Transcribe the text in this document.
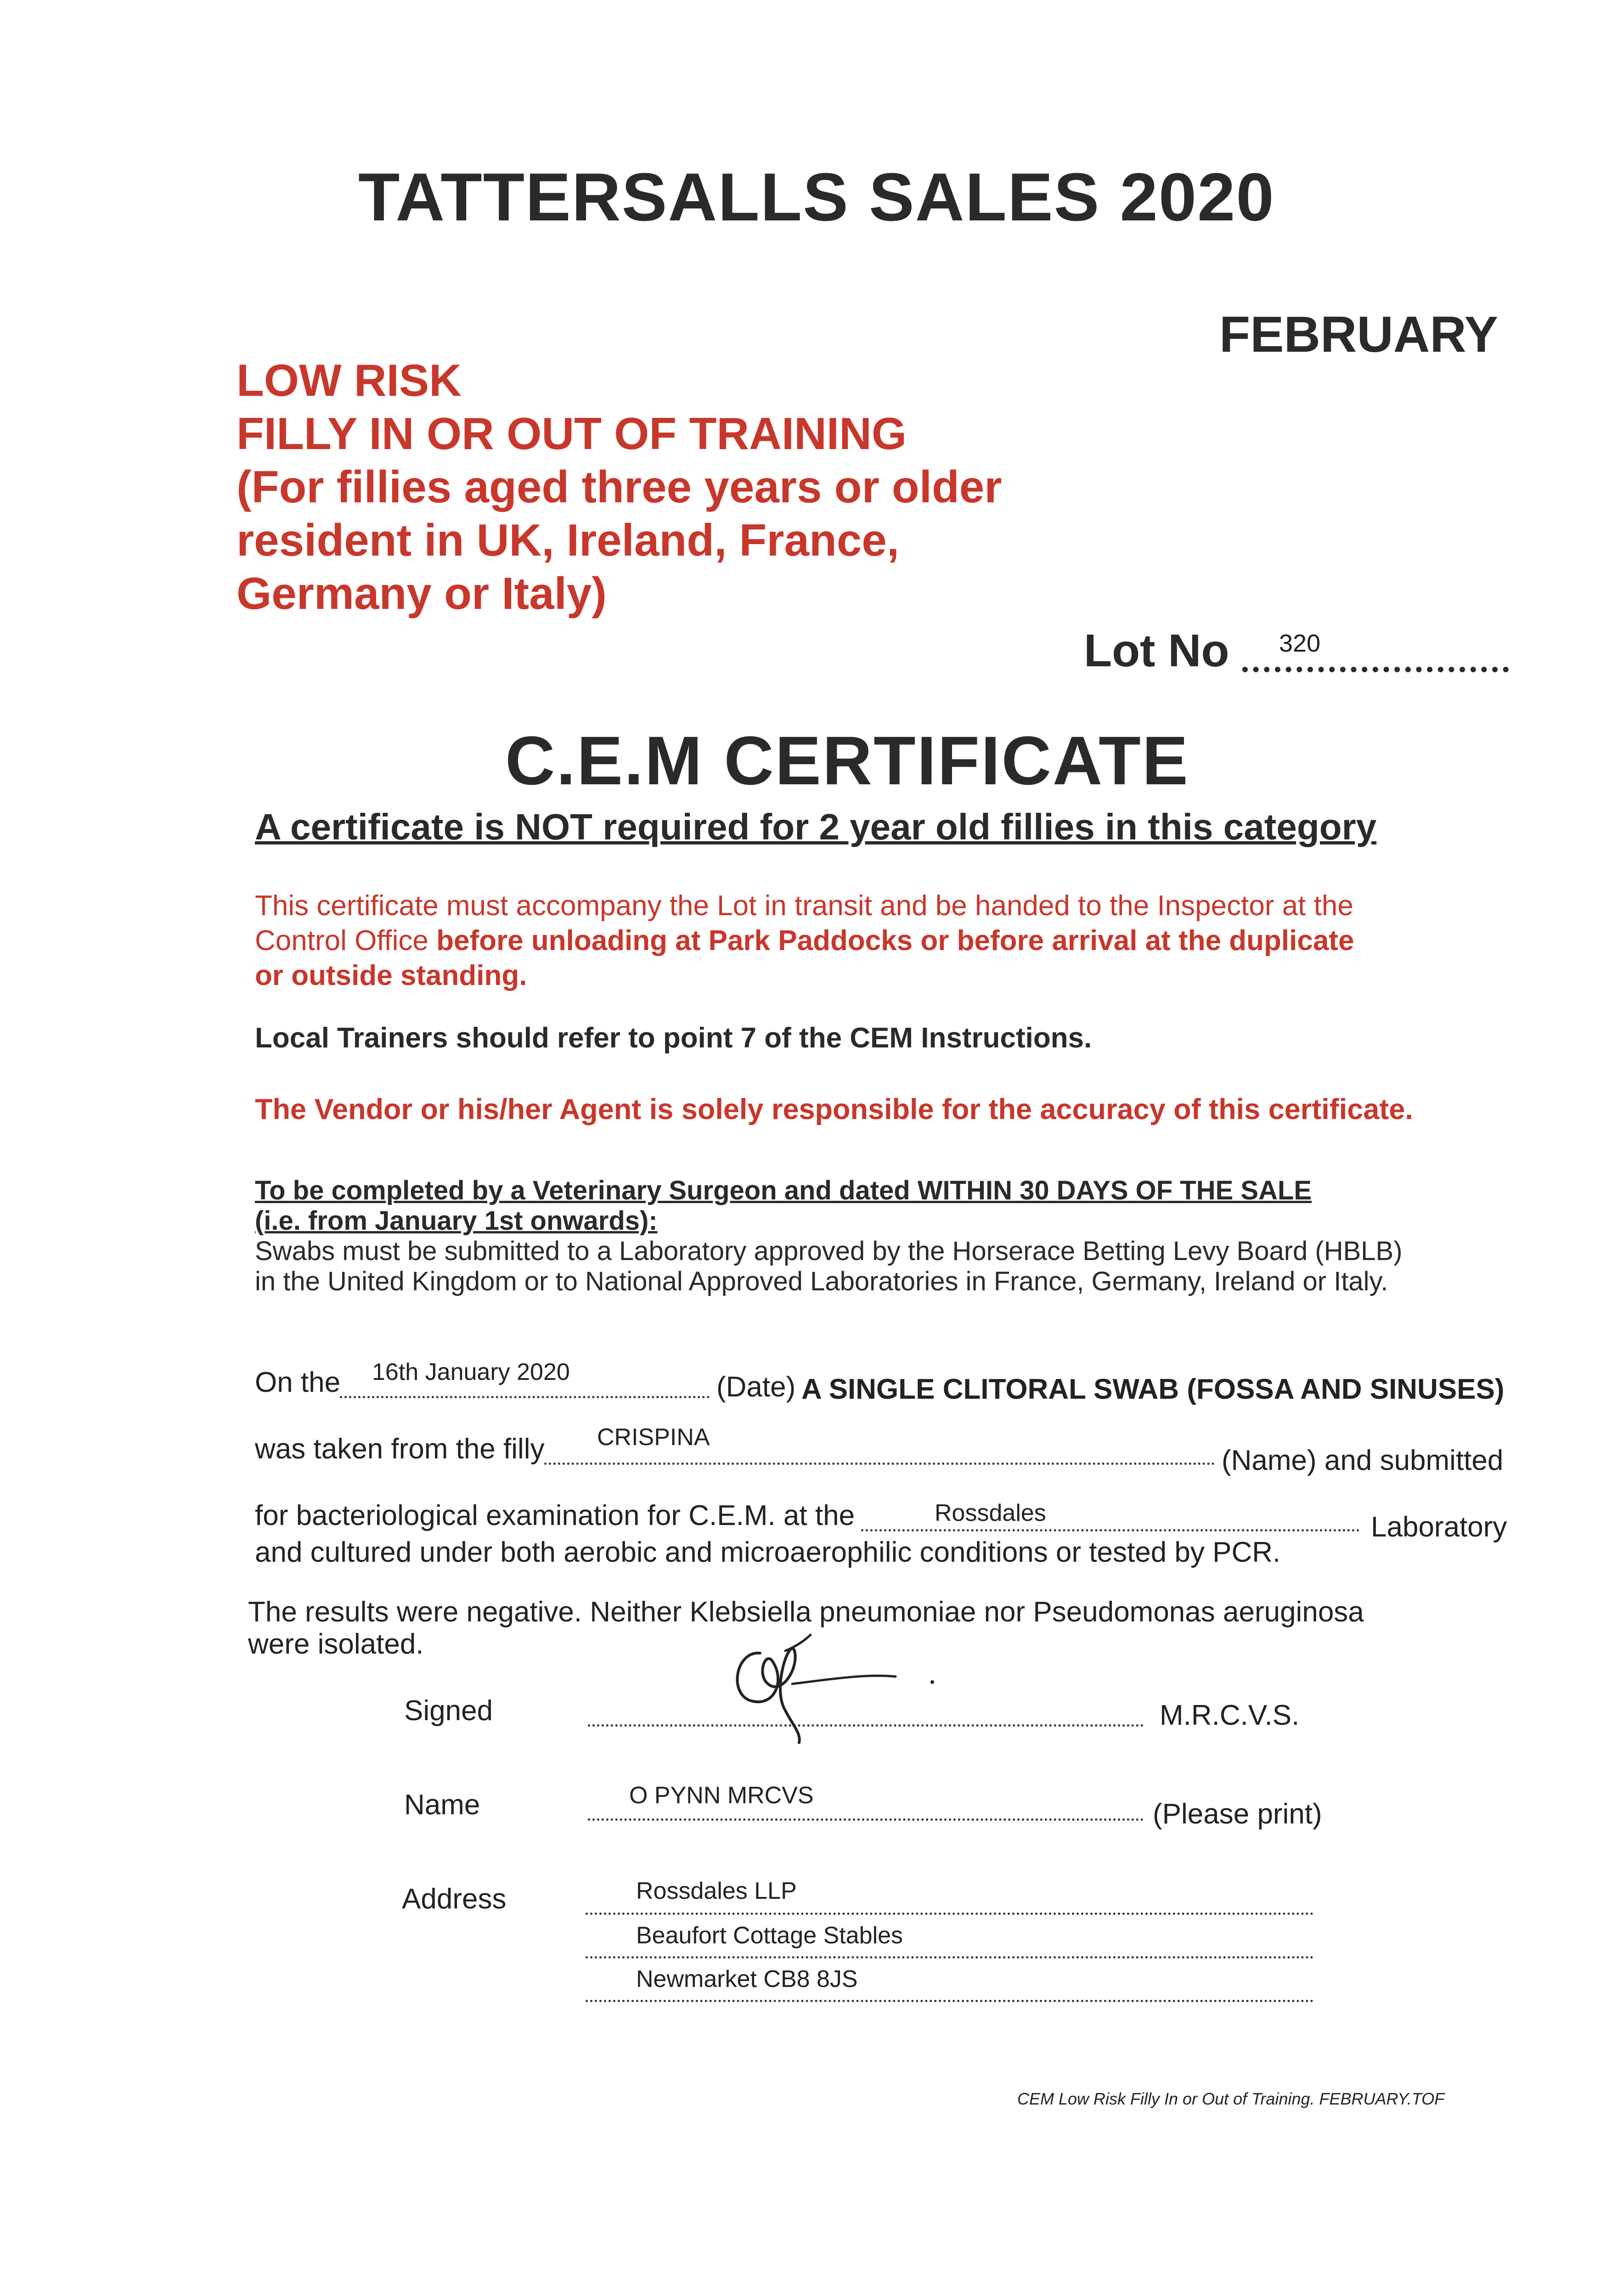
TATTERSALLS SALES 2020
FEBRUARY
LOW RISK
FILLY IN OR OUT OF TRAINING
(For fillies aged three years or older
resident in UK, Ireland, France,
Germany or Italy)
Lot No 320
C.E.M CERTIFICATE
A certificate is NOT required for 2 year old fillies in this category
This certificate must accompany the Lot in transit and be handed to the Inspector at the
Control Office before unloading at Park Paddocks or before arrival at the duplicate
or outside standing.
Local Trainers should refer to point 7 of the CEM Instructions.
The Vendor or his/her Agent is solely responsible for the accuracy of this certificate.
To be completed by a Veterinary Surgeon and dated WITHIN 30 DAYS OF THE SALE
(i.e. from January 1st onwards):
Swabs must be submitted to a Laboratory approved by the Horserace Betting Levy Board (HBLB)
in the United Kingdom or to National Approved Laboratories in France, Germany, Ireland or Italy.
On the 16th January 2020	(Date) A SINGLE CLITORAL SWAB (FOSSA AND SINUSES)
was taken from the filly CRISPINA
(Name) and submitted
for bacteriological examination for C.E.M. at the	Rossdales	Laboratory
and cultured under both aerobic and microaerophilic conditions or tested by PCR.
The results were negative. Neither Klebsiella pneumoniae nor Pseudomonas aeruginosa
were isolated.
Signed	M.R.C.V.S.
Name	O PYNN MRCVS
(Please print)
Address	Rossdales LLP
Beaufort Cottage Stables
Newmarket CB8 8JS
CEM Low Risk Filly In or Out of Training. FEBRUARY.TOF
